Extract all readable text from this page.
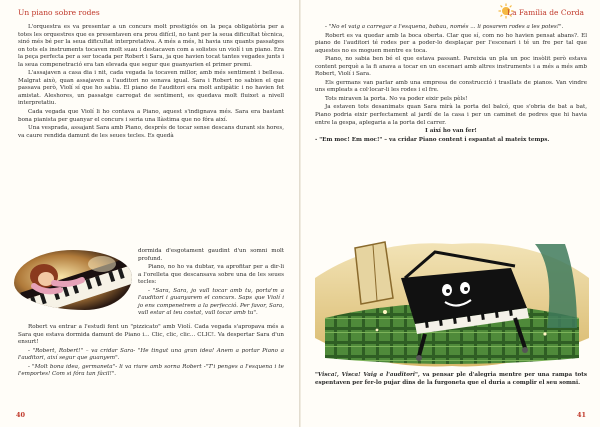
Un piano sobre rodes

L'orquestra es va presentar a un concurs molt prestigiós on la peça obligatòria per a totes les orquestres que es presentaven era prou difícil, no tant per la seua dificultat tècnica, sinó més bé per la seua dificultat interpretativa. A més a més, hi havia uns quants passatges on tots els instruments tocaven molt suau i destacaven com a solistes un violí i un piano. Era la peça perfecta per a ser tocada per Robert i Sara, ja que havien tocat tantes vegades junts i la seua compenetració era tan elevada que segur que guanyarien el primer premi.

L'assajaven a casa dia i nit, cada vegada la tocaven millor, amb més sentiment i bellesa. Malgrat això, quan assajaven a l'auditori no sonava igual. Sara i Robert no sabien el que passava però, Violí sí que ho sabia. El piano de l'auditori era molt antipàtic i no havien fet amistat. Aleshores, un passatge carregat de sentiment, es quedava molt fluixet a nivell interpretatiu.

Cada vegada que Violí li ho contava a Piano, aquest s'indignava més. Sara era bastant bona pianista per guanyar el concurs i seria una llàstima que no fóra així.

Una vesprada, assajant Sara amb Piano, després de tocar sense descans durant sis hores, va caure rendida damunt de les seues tecles. Es quedà

dormida d'esgotament gaudint d'un somni molt profund.

Piano, no ho va dubtar, va aprofitar per a dir-li a l'orelleta que descansava sobre una de les seues tecles:

- "Sara, Sara, jo vull tocar amb tu, porta'm a l'auditori i guanyarem el concurs. Saps que Violí i jo ens compenetrem a la perfecció. Per favor, Sara, vull estar al teu costat, vull tocar amb tu".

Robert va entrar a l'estudi fent un "pizzicato" amb Violí. Cada vegada s'apropava més a Sara que estava dormida damunt de Piano i... Clic, clic, clic... CLIC!. Va despertar Sara d'un ensurt!

- "Robert, Robert!" – va cridar Sara- "He tingut una gran idea! Anem a portar Piano a l'auditori, així segur que guanyem".

- "Molt bona idea, germaneta"- li va riure amb sorna Robert -"T'i penges a l'esquena i te l'emportes! Com si fóra tan fàcil!".

40
La Família de Corda

- "No el vaig a carregar a l'esquena, babau, només ... li posarem rodes a les potes!".

Robert es va quedar amb la boca oberta. Clar que sí, com no ho havien pensat abans?. El piano de l'auditori té rodes per a poder-lo desplaçar per l'escenari i té un fre per tal que aquestes no es moguen mentre es toca.

Piano, no sabia ben bé el que estava passant. Pareixia un pla un poc insòlit però estava content perquè a la fi anava a tocar en un escenari amb altres instruments i a més a més amb Robert, Violí i Sara.

Els germans van parlar amb una empresa de construcció i trasllats de pianos. Van vindre uns empleats a col·locar-li les rodes i el fre.

Tots miraven la porta. No va poder eixir pels pèls!

Ja estaven tots desanimats quan Sara mirà la porta del balcó, que s'obria de bat a bat, Piano podria eixir perfectament al jardí de la casa i per un caminet de pedres que hi havia entre la gespa, aplegaria a la porta del carrer.

I així ho van fer!

- "Em moc! Em moc!" – va cridar Piano content i espantat al mateix temps.

"Visca!, Visca! Vaig a l'auditori", va pensar ple d'alegria mentre per una rampa tots espentaven per fer-lo pujar dins de la furgoneta que el duria a complir el seu somni.

41
